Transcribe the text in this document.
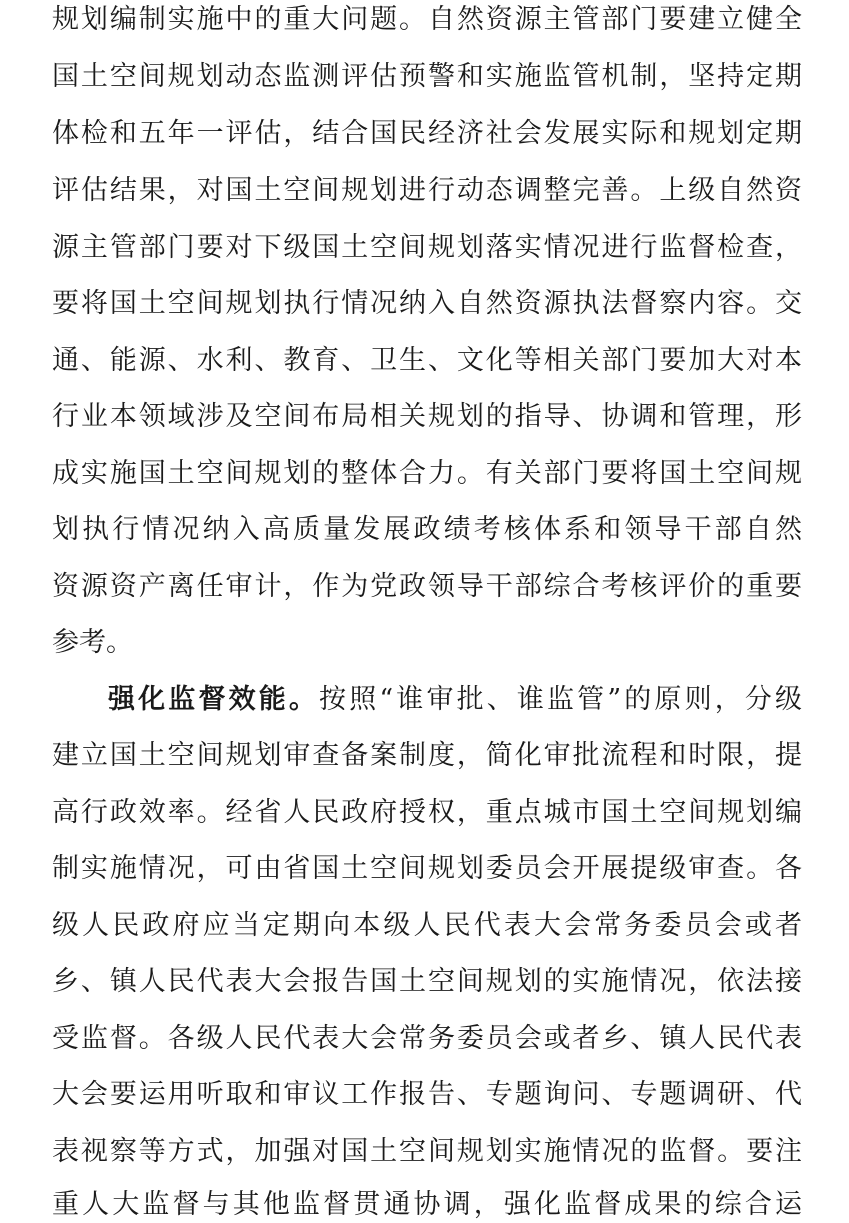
规划编制实施中的重大问题。自然资源主管部门要建立健全
国土空间规划动态监测评估预警和实施监管机制，坚持定期
体检和五年一评估，结合国民经济社会发展实际和规划定期
评估结果，对国土空间规划进行动态调整完善。上级自然资
源主管部门要对下级国土空间规划落实情况进行监督检查，
要将国土空间规划执行情况纳入自然资源执法督察内容。交
通、能源、水利、教育、卫生、文化等相关部门要加大对本
行业本领域涉及空间布局相关规划的指导、协调和管理，形
成实施国土空间规划的整体合力。有关部门要将国土空间规
划执行情况纳入高质量发展政绩考核体系和领导干部自然
资源资产离任审计，作为党政领导干部综合考核评价的重要
参考。
强化监督效能。按照“谁审批、谁监管”的原则，分级
建立国土空间规划审查备案制度，简化审批流程和时限，提
高行政效率。经省人民政府授权，重点城市国土空间规划编
制实施情况，可由省国土空间规划委员会开展提级审查。各
级人民政府应当定期向本级人民代表大会常务委员会或者
乡、镇人民代表大会报告国土空间规划的实施情况，依法接
受监督。各级人民代表大会常务委员会或者乡、镇人民代表
大会要运用听取和审议工作报告、专题询问、专题调研、代
表视察等方式，加强对国土空间规划实施情况的监督。要注
重人大监督与其他监督贯通协调，强化监督成果的综合运
